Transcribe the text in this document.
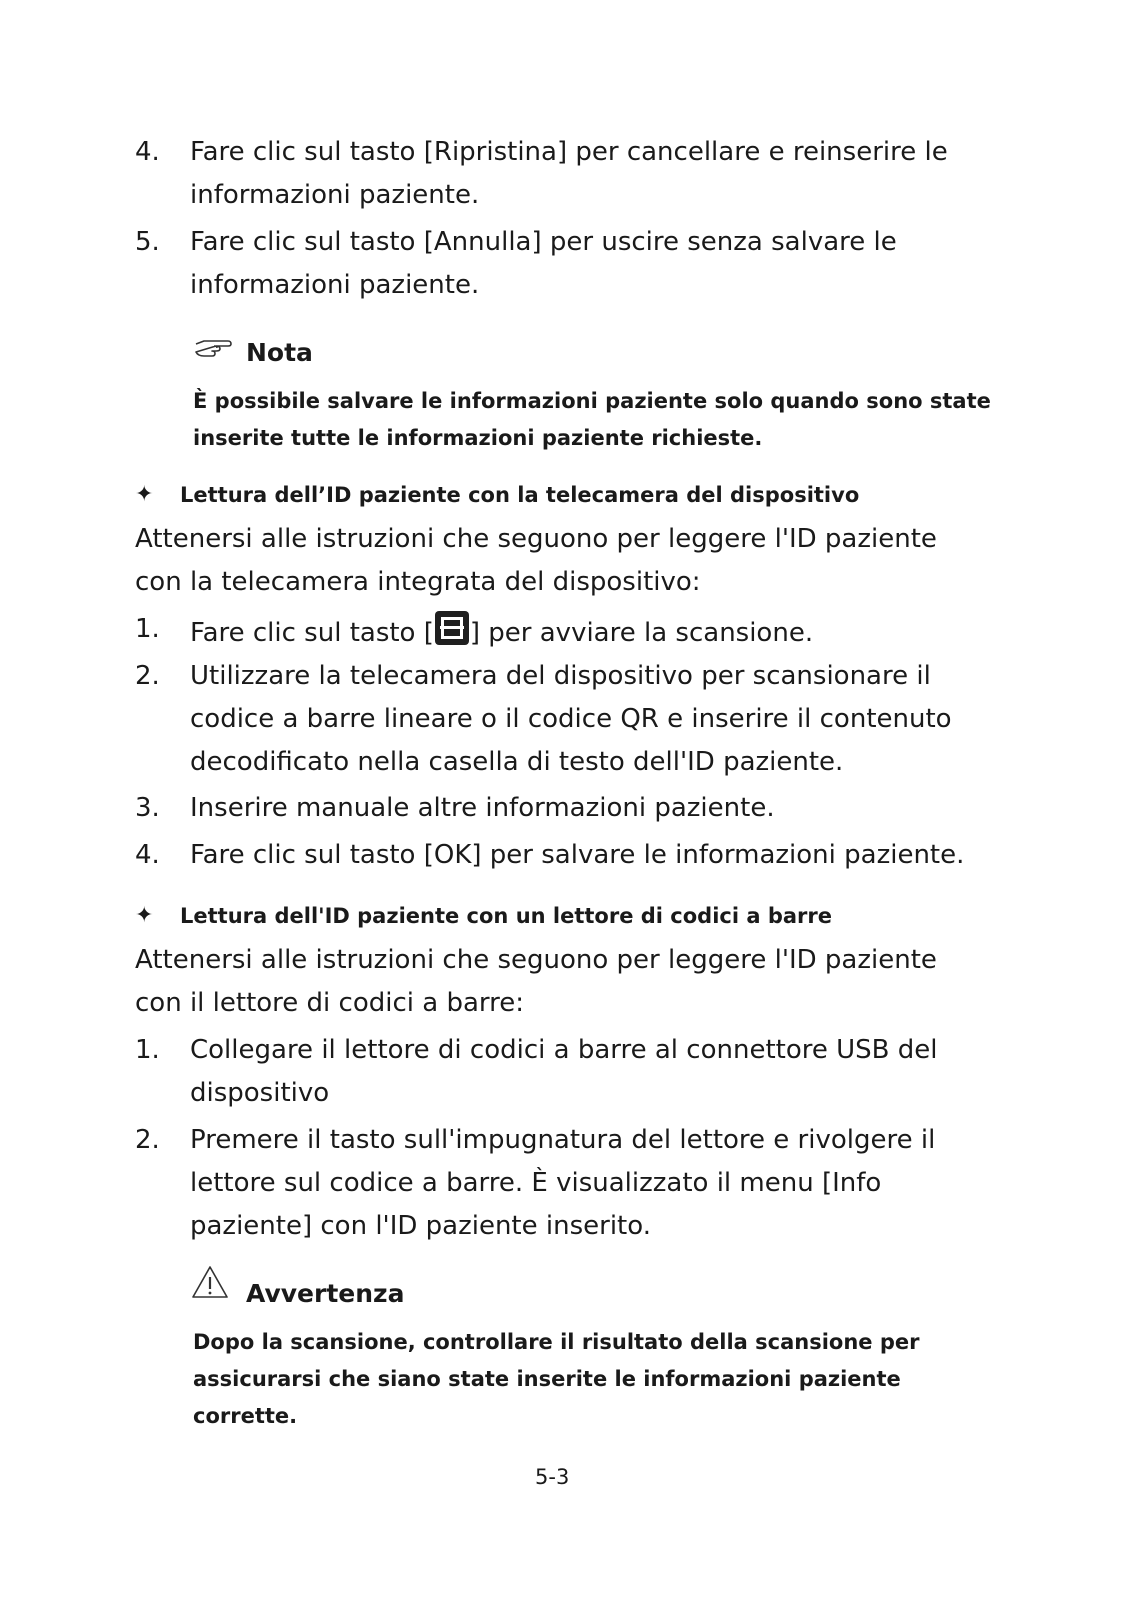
4. Fare clic sul tasto [Ripristina] per cancellare e reinserire le
informazioni paziente.
5. Fare clic sul tasto [Annulla] per uscire senza salvare le
informazioni paziente.
Nota
È possibile salvare le informazioni paziente solo quando sono state
inserite tutte le informazioni paziente richieste.
✦ Lettura dell’ID paziente con la telecamera del dispositivo
Attenersi alle istruzioni che seguono per leggere l'ID paziente
con la telecamera integrata del dispositivo:
1. Fare clic sul tasto [ ] per avviare la scansione.
2. Utilizzare la telecamera del dispositivo per scansionare il
codice a barre lineare o il codice QR e inserire il contenuto
decodificato nella casella di testo dell'ID paziente.
3. Inserire manuale altre informazioni paziente.
4. Fare clic sul tasto [OK] per salvare le informazioni paziente.
✦ Lettura dell'ID paziente con un lettore di codici a barre
Attenersi alle istruzioni che seguono per leggere l'ID paziente
con il lettore di codici a barre:
1. Collegare il lettore di codici a barre al connettore USB del
dispositivo
2. Premere il tasto sull'impugnatura del lettore e rivolgere il
lettore sul codice a barre. È visualizzato il menu [Info
paziente] con l'ID paziente inserito.
Avvertenza
Dopo la scansione, controllare il risultato della scansione per
assicurarsi che siano state inserite le informazioni paziente
corrette.
5-3
